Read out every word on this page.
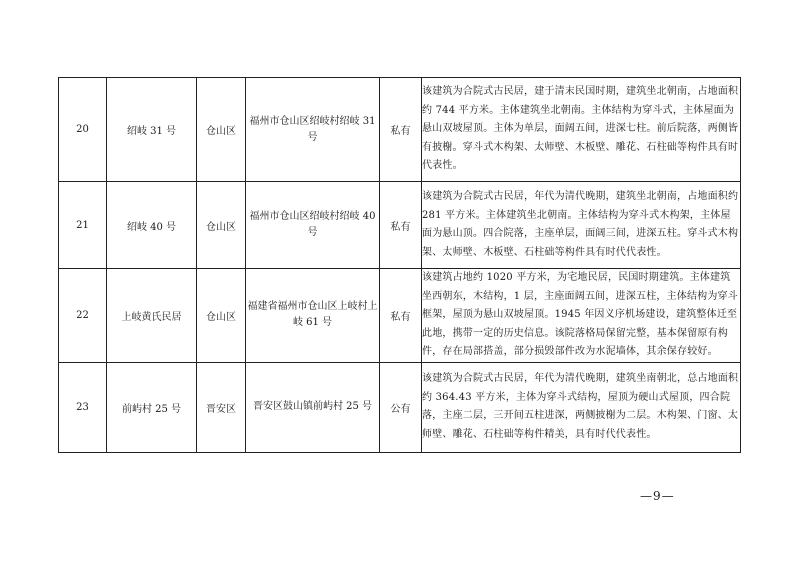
20	绍岐 31 号	仓山区	福州市仓山区绍岐村绍岐 31 号	私有	该建筑为合院式古民居，建于清末民国时期，建筑坐北朝南，占地面积约 744 平方米。主体建筑坐北朝南。主体结构为穿斗式，主体屋面为悬山双坡屋顶。主体为单层，面阔五间，进深七柱。前后院落，两侧皆有披榭。穿斗式木构架、太师壁、木板壁、雕花、石柱础等构件具有时代表性。
21	绍岐 40 号	仓山区	福州市仓山区绍岐村绍岐 40 号	私有	该建筑为合院式古民居，年代为清代晚期，建筑坐北朝南，占地面积约 281 平方米。主体建筑坐北朝南。主体结构为穿斗式木构架，主体屋面为悬山顶。四合院落，主座单层，面阔三间，进深五柱。穿斗式木构架、太师壁、木板壁、石柱础等构件具有时代代表性。
22	上岐黄氏民居	仓山区	福建省福州市仓山区上岐村上岐 61 号	私有	该建筑占地约 1020 平方米，为宅地民居，民国时期建筑。主体建筑坐西朝东，木结构，1 层，主座面阔五间，进深五柱，主体结构为穿斗框架，屋顶为悬山双坡屋顶。1945 年因义序机场建设，建筑整体迁至此地，携带一定的历史信息。该院落格局保留完整，基本保留原有构件，存在局部搭盖，部分损毁部件改为水泥墙体，其余保存较好。
23	前屿村 25 号	晋安区	晋安区鼓山镇前屿村 25 号	公有	该建筑为合院式古民居，年代为清代晚期，建筑坐南朝北，总占地面积约 364.43 平方米，主体为穿斗式结构，屋顶为硬山式屋顶，四合院落，主座二层，三开间五柱进深，两侧披榭为二层。木构架、门窗、太师壁、雕花、石柱础等构件精美，具有时代代表性。
—9—
